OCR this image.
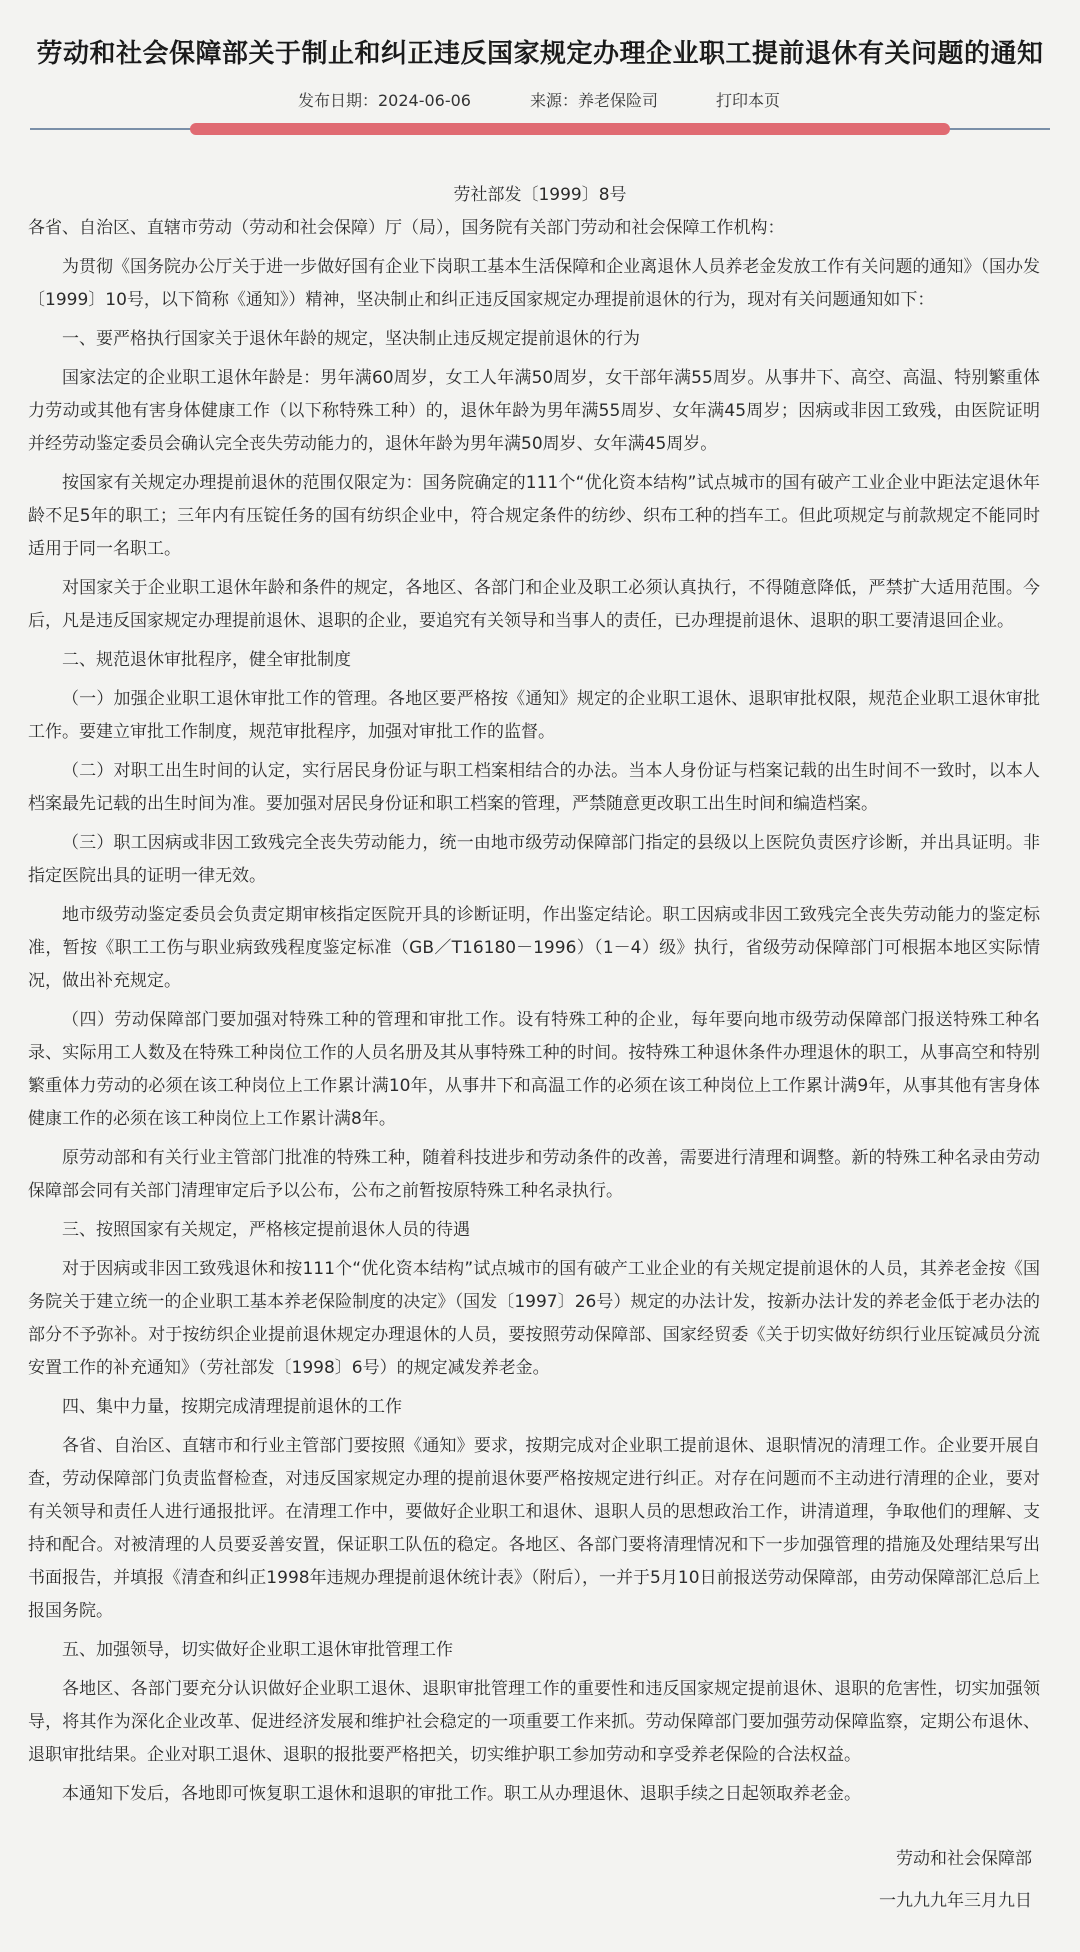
劳动和社会保障部关于制止和纠正违反国家规定办理企业职工提前退休有关问题的通知
发布日期：2024-06-06	来源：养老保险司	打印本页
劳社部发〔1999〕8号

各省、自治区、直辖市劳动（劳动和社会保障）厅（局），国务院有关部门劳动和社会保障工作机构：

为贯彻《国务院办公厅关于进一步做好国有企业下岗职工基本生活保障和企业离退休人员养老金发放工作有关问题的通知》（国办发〔1999〕10号，以下简称《通知》）精神，坚决制止和纠正违反国家规定办理提前退休的行为，现对有关问题通知如下：

一、要严格执行国家关于退休年龄的规定，坚决制止违反规定提前退休的行为

国家法定的企业职工退休年龄是：男年满60周岁，女工人年满50周岁，女干部年满55周岁。从事井下、高空、高温、特别繁重体力劳动或其他有害身体健康工作（以下称特殊工种）的，退休年龄为男年满55周岁、女年满45周岁；因病或非因工致残，由医院证明并经劳动鉴定委员会确认完全丧失劳动能力的，退休年龄为男年满50周岁、女年满45周岁。

按国家有关规定办理提前退休的范围仅限定为：国务院确定的111个“优化资本结构”试点城市的国有破产工业企业中距法定退休年龄不足5年的职工；三年内有压锭任务的国有纺织企业中，符合规定条件的纺纱、织布工种的挡车工。但此项规定与前款规定不能同时适用于同一名职工。

对国家关于企业职工退休年龄和条件的规定，各地区、各部门和企业及职工必须认真执行，不得随意降低，严禁扩大适用范围。今后，凡是违反国家规定办理提前退休、退职的企业，要追究有关领导和当事人的责任，已办理提前退休、退职的职工要清退回企业。

二、规范退休审批程序，健全审批制度

（一）加强企业职工退休审批工作的管理。各地区要严格按《通知》规定的企业职工退休、退职审批权限，规范企业职工退休审批工作。要建立审批工作制度，规范审批程序，加强对审批工作的监督。

（二）对职工出生时间的认定，实行居民身份证与职工档案相结合的办法。当本人身份证与档案记载的出生时间不一致时，以本人档案最先记载的出生时间为准。要加强对居民身份证和职工档案的管理，严禁随意更改职工出生时间和编造档案。

（三）职工因病或非因工致残完全丧失劳动能力，统一由地市级劳动保障部门指定的县级以上医院负责医疗诊断，并出具证明。非指定医院出具的证明一律无效。

地市级劳动鉴定委员会负责定期审核指定医院开具的诊断证明，作出鉴定结论。职工因病或非因工致残完全丧失劳动能力的鉴定标准，暂按《职工工伤与职业病致残程度鉴定标准（GB／T16180－1996）（1－4）级》执行，省级劳动保障部门可根据本地区实际情况，做出补充规定。

（四）劳动保障部门要加强对特殊工种的管理和审批工作。设有特殊工种的企业，每年要向地市级劳动保障部门报送特殊工种名录、实际用工人数及在特殊工种岗位工作的人员名册及其从事特殊工种的时间。按特殊工种退休条件办理退休的职工，从事高空和特别繁重体力劳动的必须在该工种岗位上工作累计满10年，从事井下和高温工作的必须在该工种岗位上工作累计满9年，从事其他有害身体健康工作的必须在该工种岗位上工作累计满8年。

原劳动部和有关行业主管部门批准的特殊工种，随着科技进步和劳动条件的改善，需要进行清理和调整。新的特殊工种名录由劳动保障部会同有关部门清理审定后予以公布，公布之前暂按原特殊工种名录执行。

三、按照国家有关规定，严格核定提前退休人员的待遇

对于因病或非因工致残退休和按111个“优化资本结构”试点城市的国有破产工业企业的有关规定提前退休的人员，其养老金按《国务院关于建立统一的企业职工基本养老保险制度的决定》（国发〔1997〕26号）规定的办法计发，按新办法计发的养老金低于老办法的部分不予弥补。对于按纺织企业提前退休规定办理退休的人员，要按照劳动保障部、国家经贸委《关于切实做好纺织行业压锭减员分流安置工作的补充通知》（劳社部发〔1998〕6号）的规定减发养老金。

四、集中力量，按期完成清理提前退休的工作

各省、自治区、直辖市和行业主管部门要按照《通知》要求，按期完成对企业职工提前退休、退职情况的清理工作。企业要开展自查，劳动保障部门负责监督检查，对违反国家规定办理的提前退休要严格按规定进行纠正。对存在问题而不主动进行清理的企业，要对有关领导和责任人进行通报批评。在清理工作中，要做好企业职工和退休、退职人员的思想政治工作，讲清道理，争取他们的理解、支持和配合。对被清理的人员要妥善安置，保证职工队伍的稳定。各地区、各部门要将清理情况和下一步加强管理的措施及处理结果写出书面报告，并填报《清查和纠正1998年违规办理提前退休统计表》（附后），一并于5月10日前报送劳动保障部，由劳动保障部汇总后上报国务院。

五、加强领导，切实做好企业职工退休审批管理工作

各地区、各部门要充分认识做好企业职工退休、退职审批管理工作的重要性和违反国家规定提前退休、退职的危害性，切实加强领导，将其作为深化企业改革、促进经济发展和维护社会稳定的一项重要工作来抓。劳动保障部门要加强劳动保障监察，定期公布退休、退职审批结果。企业对职工退休、退职的报批要严格把关，切实维护职工参加劳动和享受养老保险的合法权益。

本通知下发后，各地即可恢复职工退休和退职的审批工作。职工从办理退休、退职手续之日起领取养老金。

劳动和社会保障部
一九九九年三月九日
